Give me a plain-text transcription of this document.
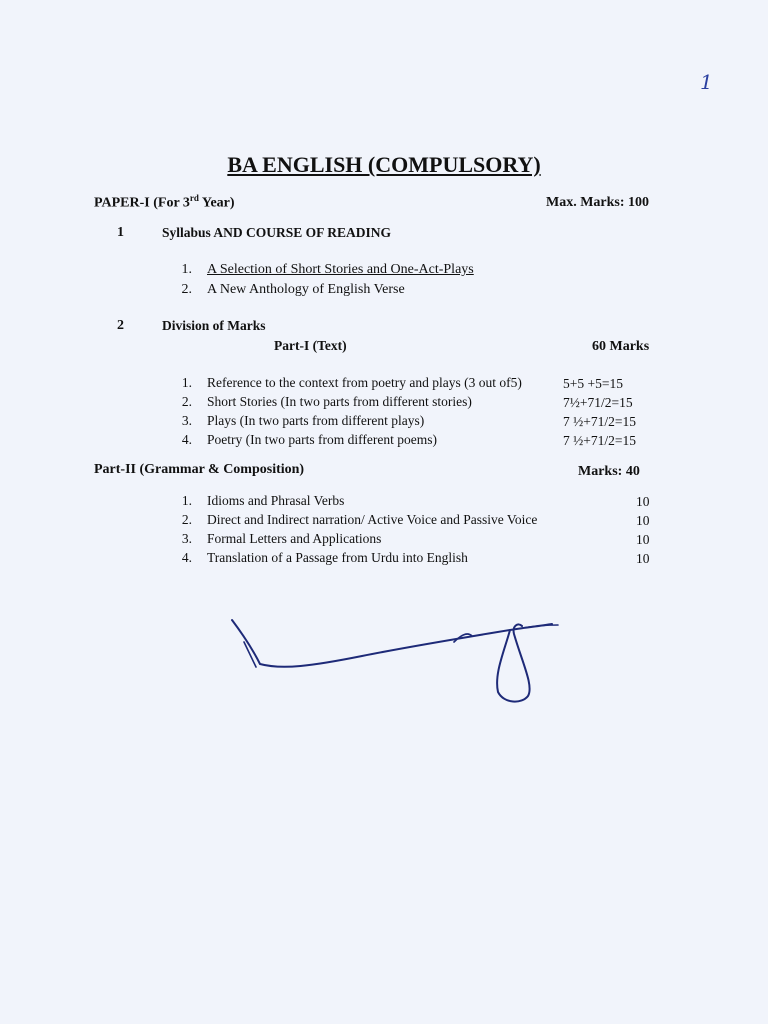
1
BA ENGLISH (COMPULSORY)
PAPER-I (For 3rd Year)	Max. Marks: 100
1	Syllabus AND COURSE OF READING
1. A Selection of Short Stories and One-Act-Plays
2. A New Anthology of English Verse
2	Division of Marks
Part-I (Text)	60 Marks
1. Reference to the context from poetry and plays (3 out of5)	5+5 +5=15
2. Short Stories (In two parts from different stories)	7½+71/2=15
3. Plays (In two parts from different plays)	7 ½+71/2=15
4. Poetry (In two parts from different poems)	7 ½+71/2=15
Part-II (Grammar & Composition)	Marks: 40
1. Idioms and Phrasal Verbs	10
2. Direct and Indirect narration/ Active Voice and Passive Voice	10
3. Formal Letters and Applications	10
4. Translation of a Passage from Urdu into English	10
